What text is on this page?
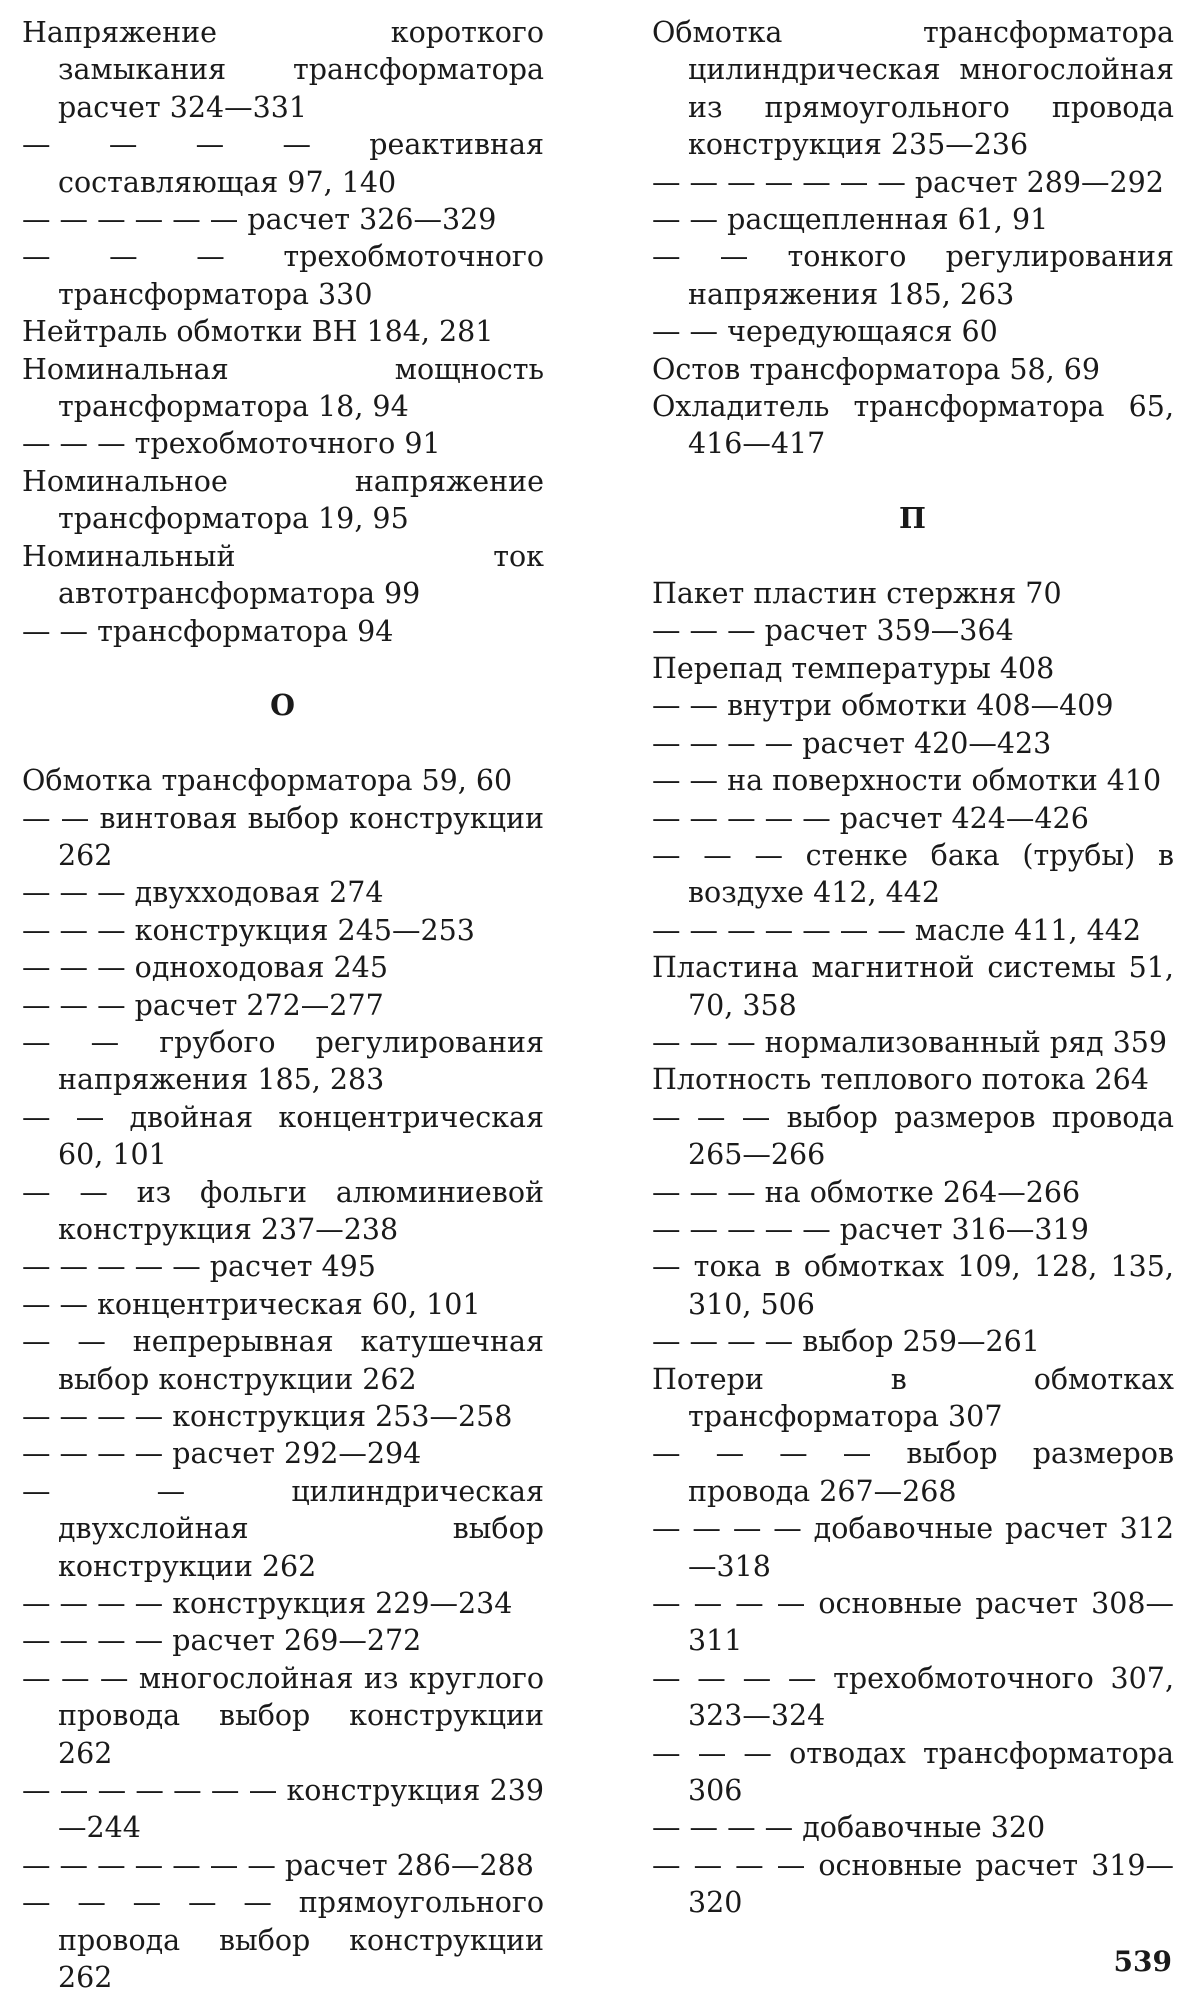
Напряжение короткого замыкания трансформатора расчет 324—331

— — — — реактивная составляющая 97, 140

— — — — — — расчет 326—329

— — — трехобмоточного трансформатора 330

Нейтраль обмотки ВН 184, 281

Номинальная мощность трансформатора 18, 94

— — — трехобмоточного 91

Номинальное напряжение трансформатора 19, 95

Номинальный ток автотрансформатора 99

— — трансформатора 94

О

Обмотка трансформатора 59, 60

— — винтовая выбор конструкции 262

— — — двухходовая 274

— — — конструкция 245—253

— — — одноходовая 245

— — — расчет 272—277

— — грубого регулирования напряжения 185, 283

— — двойная концентрическая 60, 101

— — из фольги алюминиевой конструкция 237—238

— — — — — расчет 495

— — концентрическая 60, 101

— — непрерывная катушечная выбор конструкции 262

— — — — конструкция 253—258

— — — — расчет 292—294

— — цилиндрическая двухслойная выбор конструкции 262

— — — — конструкция 229—234

— — — — расчет 269—272

— — — многослойная из круглого провода выбор конструкции 262

— — — — — — — конструкция 239—244

— — — — — — — расчет 286—288

— — — — — прямоугольного провода выбор конструкции 262

Обмотка трансформатора цилиндрическая многослойная из прямоугольного провода конструкция 235—236

— — — — — — — расчет 289—292

— — расщепленная 61, 91

— — тонкого регулирования напряжения 185, 263

— — чередующаяся 60

Остов трансформатора 58, 69

Охладитель трансформатора 65, 416—417

П

Пакет пластин стержня 70

— — — расчет 359—364

Перепад температуры 408

— — внутри обмотки 408—409

— — — — расчет 420—423

— — на поверхности обмотки 410

— — — — — расчет 424—426

— — — стенке бака (трубы) в воздухе 412, 442

— — — — — — — масле 411, 442

Пластина магнитной системы 51, 70, 358

— — — нормализованный ряд 359

Плотность теплового потока 264

— — — выбор размеров провода 265—266

— — — на обмотке 264—266

— — — — — расчет 316—319

— тока в обмотках 109, 128, 135, 310, 506

— — — — выбор 259—261

Потери в обмотках трансформатора 307

— — — — выбор размеров провода 267—268

— — — — добавочные расчет 312—318

— — — — основные расчет 308—311

— — — — трехобмоточного 307, 323—324

— — — отводах трансформатора 306

— — — — добавочные 320

— — — — основные расчет 319—320

539
